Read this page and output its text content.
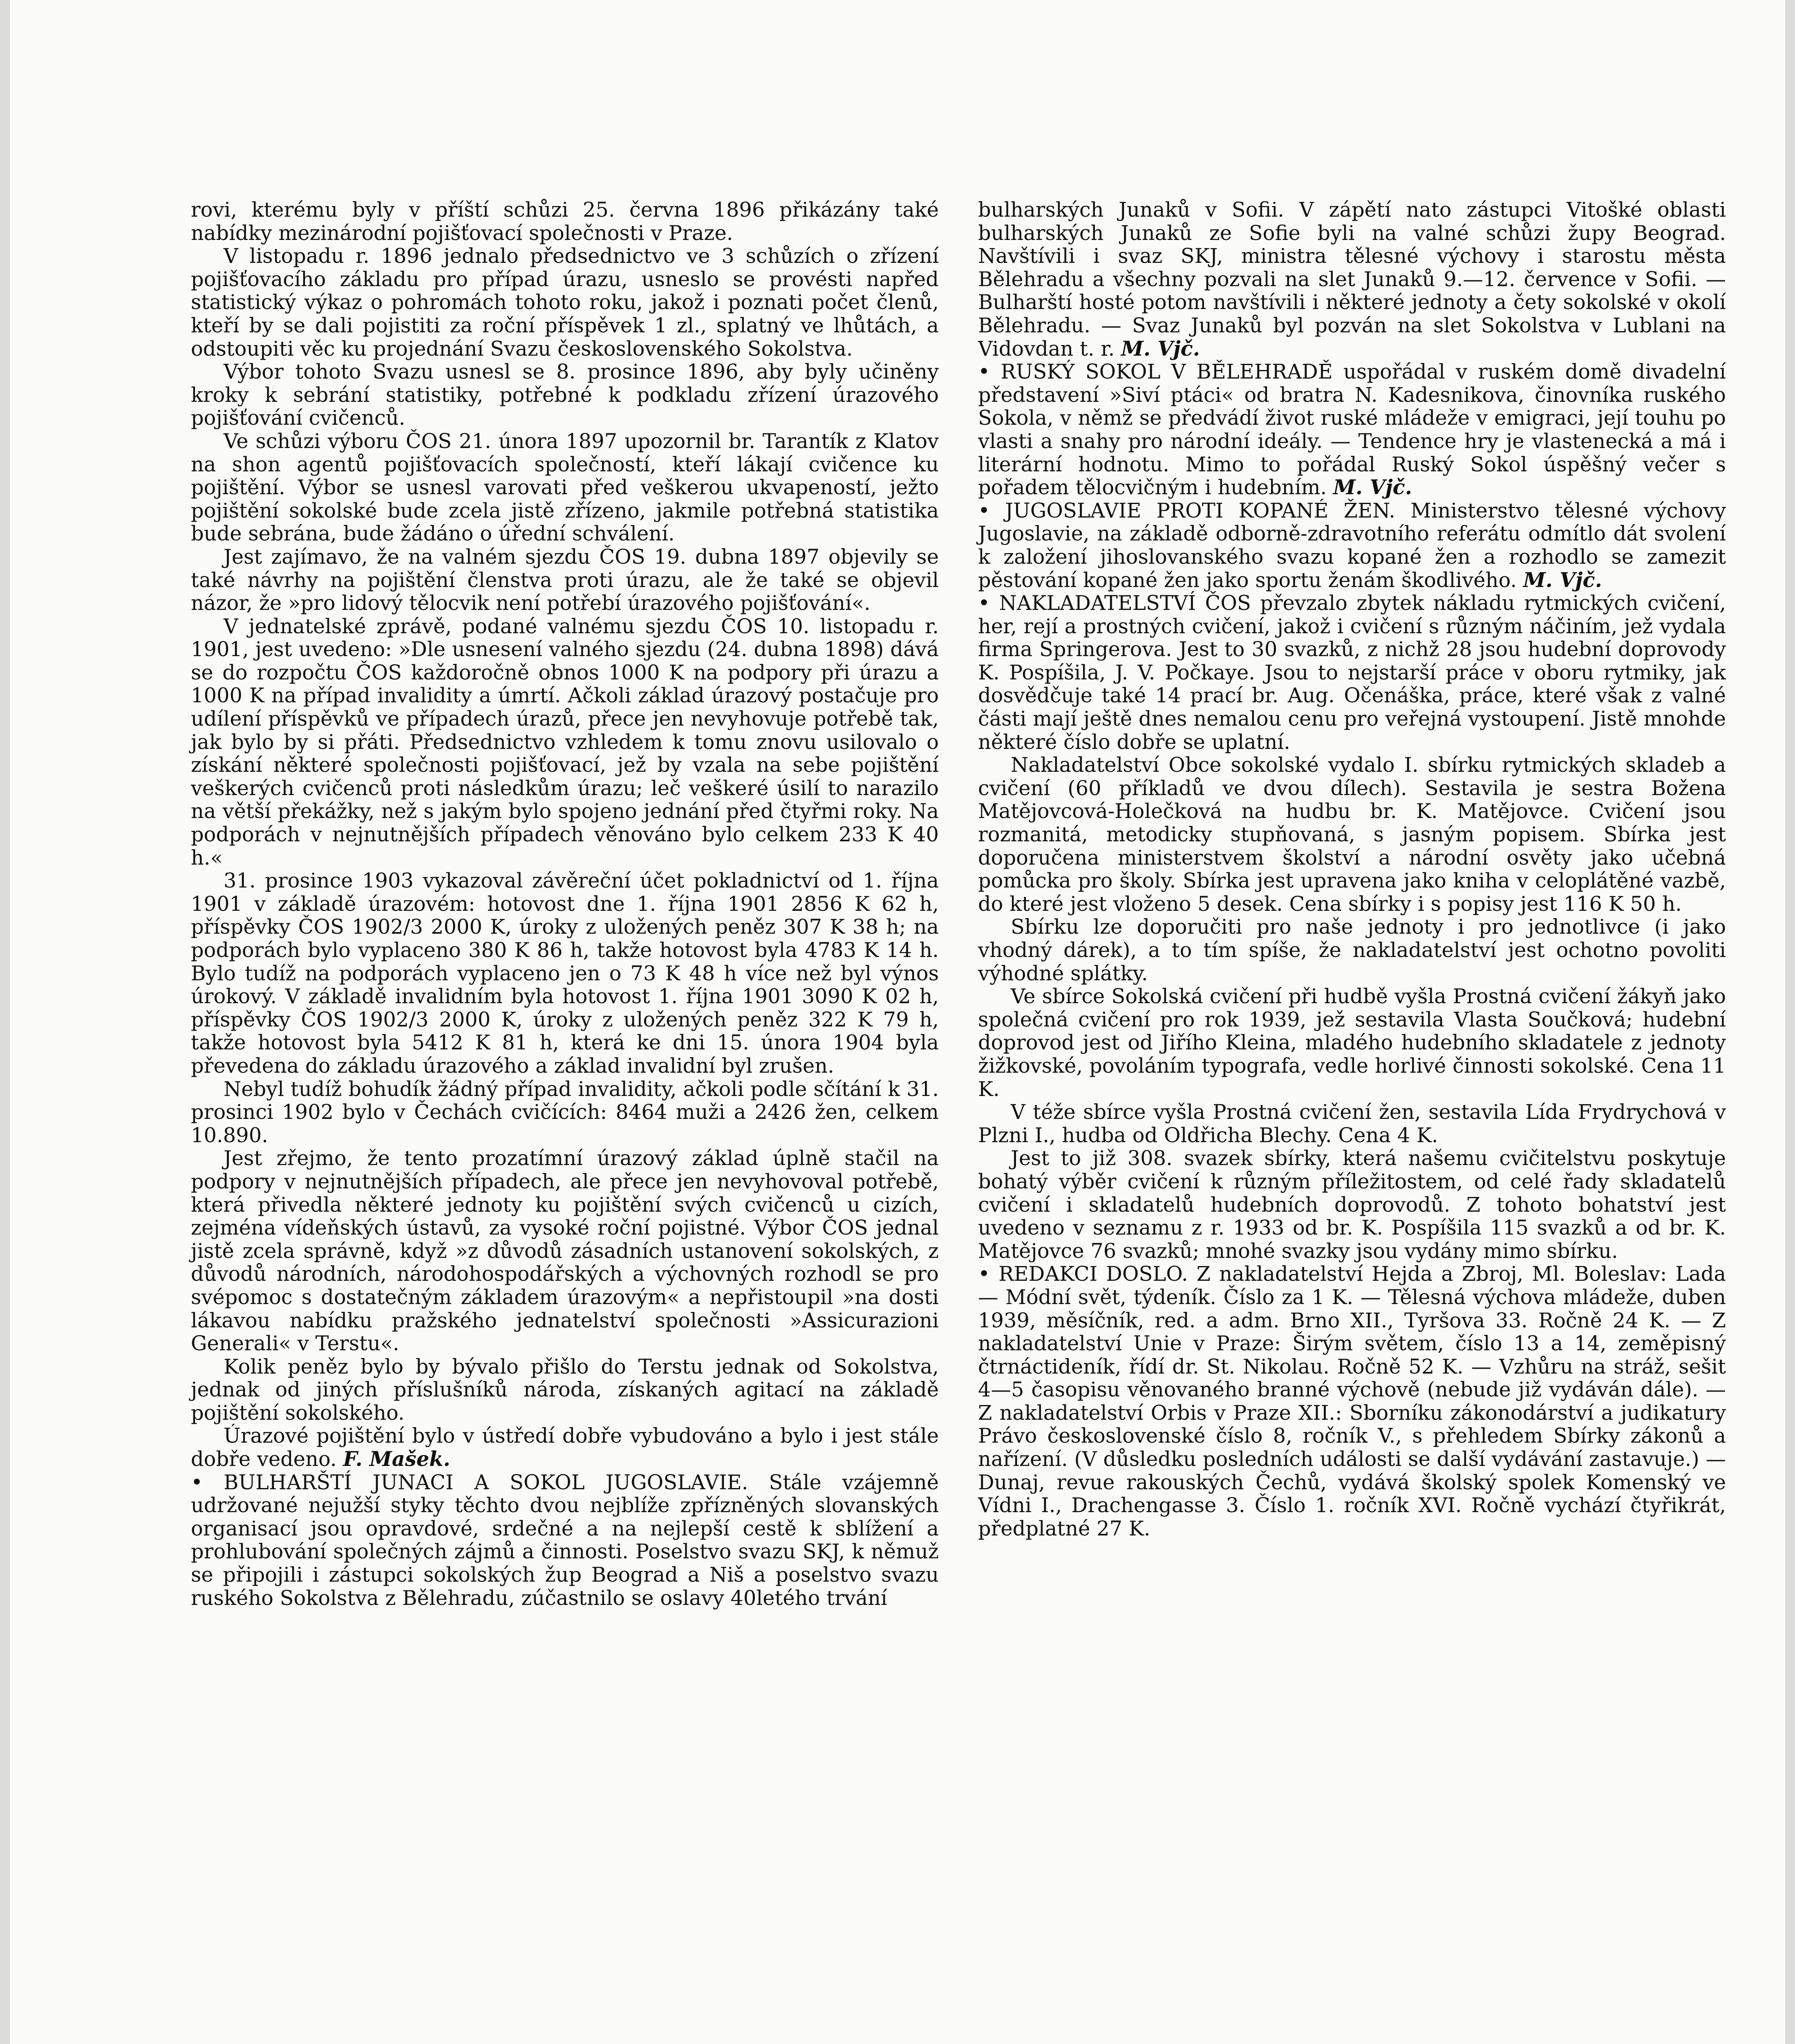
rovi, kterému byly v příští schůzi 25. června 1896 přikázány také nabídky mezinárodní pojišťovací společnosti v Praze.

V listopadu r. 1896 jednalo předsednictvo ve 3 schůzích o zřízení pojišťovacího základu pro případ úrazu, usneslo se provésti napřed statistický výkaz o pohromách tohoto roku, jakož i poznati počet členů, kteří by se dali pojistiti za roční příspěvek 1 zl., splatný ve lhůtách, a odstoupiti věc ku projednání Svazu československého Sokolstva.

Výbor tohoto Svazu usnesl se 8. prosince 1896, aby byly učiněny kroky k sebrání statistiky, potřebné k podkladu zřízení úrazového pojišťování cvičenců.

Ve schůzi výboru ČOS 21. února 1897 upozornil br. Tarantík z Klatov na shon agentů pojišťovacích společností, kteří lákají cvičence ku pojištění. Výbor se usnesl varovati před veškerou ukvapeností, ježto pojištění sokolské bude zcela jistě zřízeno, jakmile potřebná statistika bude sebrána, bude žádáno o úřední schválení.

Jest zajímavo, že na valném sjezdu ČOS 19. dubna 1897 objevily se také návrhy na pojištění členstva proti úrazu, ale že také se objevil názor, že »pro lidový tělocvik není potřebí úrazového pojišťování«.

V jednatelské zprávě, podané valnému sjezdu ČOS 10. listopadu r. 1901, jest uvedeno: »Dle usnesení valného sjezdu (24. dubna 1898) dává se do rozpočtu ČOS každoročně obnos 1000 K na podpory při úrazu a 1000 K na případ invalidity a úmrtí. Ačkoli základ úrazový postačuje pro udílení příspěvků ve případech úrazů, přece jen nevyhovuje potřebě tak, jak bylo by si přáti. Předsednictvo vzhledem k tomu znovu usilovalo o získání některé společnosti pojišťovací, jež by vzala na sebe pojištění veškerých cvičenců proti následkům úrazu; leč veškeré úsilí to narazilo na větší překážky, než s jakým bylo spojeno jednání před čtyřmi roky. Na podporách v nejnutnějších případech věnováno bylo celkem 233 K 40 h.«

31. prosince 1903 vykazoval závěreční účet pokladnictví od 1. října 1901 v základě úrazovém: hotovost dne 1. října 1901 2856 K 62 h, příspěvky ČOS 1902/3 2000 K, úroky z uložených peněz 307 K 38 h; na podporách bylo vyplaceno 380 K 86 h, takže hotovost byla 4783 K 14 h. Bylo tudíž na podporách vyplaceno jen o 73 K 48 h více než byl výnos úrokový. V základě invalidním byla hotovost 1. října 1901 3090 K 02 h, příspěvky ČOS 1902/3 2000 K, úroky z uložených peněz 322 K 79 h, takže hotovost byla 5412 K 81 h, která ke dni 15. února 1904 byla převedena do základu úrazového a základ invalidní byl zrušen.

Nebyl tudíž bohudík žádný případ invalidity, ačkoli podle sčítání k 31. prosinci 1902 bylo v Čechách cvičících: 8464 muži a 2426 žen, celkem 10.890.

Jest zřejmo, že tento prozatímní úrazový základ úplně stačil na podpory v nejnutnějších případech, ale přece jen nevyhovoval potřebě, která přivedla některé jednoty ku pojištění svých cvičenců u cizích, zejména vídeňských ústavů, za vysoké roční pojistné. Výbor ČOS jednal jistě zcela správně, když »z důvodů zásadních ustanovení sokolských, z důvodů národních, národohospodářských a výchovných rozhodl se pro svépomoc s dostatečným základem úrazovým« a nepřistoupil »na dosti lákavou nabídku pražského jednatelství společnosti »Assicurazioni Generali« v Terstu«.

Kolik peněz bylo by bývalo přišlo do Terstu jednak od Sokolstva, jednak od jiných příslušníků národa, získaných agitací na základě pojištění sokolského.

Úrazové pojištění bylo v ústředí dobře vybudováno a bylo i jest stále dobře vedeno. F. Mašek.

• BULHARŠTÍ JUNACI A SOKOL JUGOSLAVIE. Stále vzájemně udržované nejužší styky těchto dvou nejblíže zpřízněných slovanských organisací jsou opravdové, srdečné a na nejlepší cestě k sblížení a prohlubování společných zájmů a činnosti. Poselstvo svazu SKJ, k němuž se připojili i zástupci sokolských žup Beograd a Niš a poselstvo svazu ruského Sokolstva z Bělehradu, zúčastnilo se oslavy 40letého trvání

bulharských Junaků v Sofii. V zápětí nato zástupci Vitošké oblasti bulharských Junaků ze Sofie byli na valné schůzi župy Beograd. Navštívili i svaz SKJ, ministra tělesné výchovy i starostu města Bělehradu a všechny pozvali na slet Junaků 9.—12. července v Sofii. — Bulharští hosté potom navštívili i některé jednoty a čety sokolské v okolí Bělehradu. — Svaz Junaků byl pozván na slet Sokolstva v Lublani na Vidovdan t. r. M. Vjč.

• RUSKÝ SOKOL V BĚLEHRADĚ uspořádal v ruském domě divadelní představení »Siví ptáci« od bratra N. Kadesnikova, činovníka ruského Sokola, v němž se předvádí život ruské mládeže v emigraci, její touhu po vlasti a snahy pro národní ideály. — Tendence hry je vlastenecká a má i literární hodnotu. Mimo to pořádal Ruský Sokol úspěšný večer s pořadem tělocvičným i hudebním. M. Vjč.

• JUGOSLAVIE PROTI KOPANÉ ŽEN. Ministerstvo tělesné výchovy Jugoslavie, na základě odborně-zdravotního referátu odmítlo dát svolení k založení jihoslovanského svazu kopané žen a rozhodlo se zamezit pěstování kopané žen jako sportu ženám škodlivého. M. Vjč.

• NAKLADATELSTVÍ ČOS převzalo zbytek nákladu rytmických cvičení, her, rejí a prostných cvičení, jakož i cvičení s různým náčiním, jež vydala firma Springerova. Jest to 30 svazků, z nichž 28 jsou hudební doprovody K. Pospíšila, J. V. Počkaye. Jsou to nejstarší práce v oboru rytmiky, jak dosvědčuje také 14 prací br. Aug. Očenáška, práce, které však z valné části mají ještě dnes nemalou cenu pro veřejná vystoupení. Jistě mnohde některé číslo dobře se uplatní.

Nakladatelství Obce sokolské vydalo I. sbírku rytmických skladeb a cvičení (60 příkladů ve dvou dílech). Sestavila je sestra Božena Matějovcová-Holečková na hudbu br. K. Matějovce. Cvičení jsou rozmanitá, metodicky stupňovaná, s jasným popisem. Sbírka jest doporučena ministerstvem školství a národní osvěty jako učebná pomůcka pro školy. Sbírka jest upravena jako kniha v celoplátěné vazbě, do které jest vloženo 5 desek. Cena sbírky i s popisy jest 116 K 50 h.

Sbírku lze doporučiti pro naše jednoty i pro jednotlivce (i jako vhodný dárek), a to tím spíše, že nakladatelství jest ochotno povoliti výhodné splátky.

Ve sbírce Sokolská cvičení při hudbě vyšla Prostná cvičení žákyň jako společná cvičení pro rok 1939, jež sestavila Vlasta Součková; hudební doprovod jest od Jiřího Kleina, mladého hudebního skladatele z jednoty žižkovské, povoláním typografa, vedle horlivé činnosti sokolské. Cena 11 K.

V téže sbírce vyšla Prostná cvičení žen, sestavila Lída Frydrychová v Plzni I., hudba od Oldřicha Blechy. Cena 4 K.

Jest to již 308. svazek sbírky, která našemu cvičitelstvu poskytuje bohatý výběr cvičení k různým příležitostem, od celé řady skladatelů cvičení i skladatelů hudebních doprovodů. Z tohoto bohatství jest uvedeno v seznamu z r. 1933 od br. K. Pospíšila 115 svazků a od br. K. Matějovce 76 svazků; mnohé svazky jsou vydány mimo sbírku.

• REDAKCI DOSLO. Z nakladatelství Hejda a Zbroj, Ml. Boleslav: Lada — Módní svět, týdeník. Číslo za 1 K. — Tělesná výchova mládeže, duben 1939, měsíčník, red. a adm. Brno XII., Tyršova 33. Ročně 24 K. — Z nakladatelství Unie v Praze: Širým světem, číslo 13 a 14, zeměpisný čtrnáctideník, řídí dr. St. Nikolau. Ročně 52 K. — Vzhůru na stráž, sešit 4—5 časopisu věnovaného branné výchově (nebude již vydáván dále). — Z nakladatelství Orbis v Praze XII.: Sborníku zákonodárství a judikatury Právo československé číslo 8, ročník V., s přehledem Sbírky zákonů a nařízení. (V důsledku posledních události se další vydávání zastavuje.) — Dunaj, revue rakouských Čechů, vydává školský spolek Komenský ve Vídni I., Drachengasse 3. Číslo 1. ročník XVI. Ročně vychází čtyřikrát, předplatné 27 K.
